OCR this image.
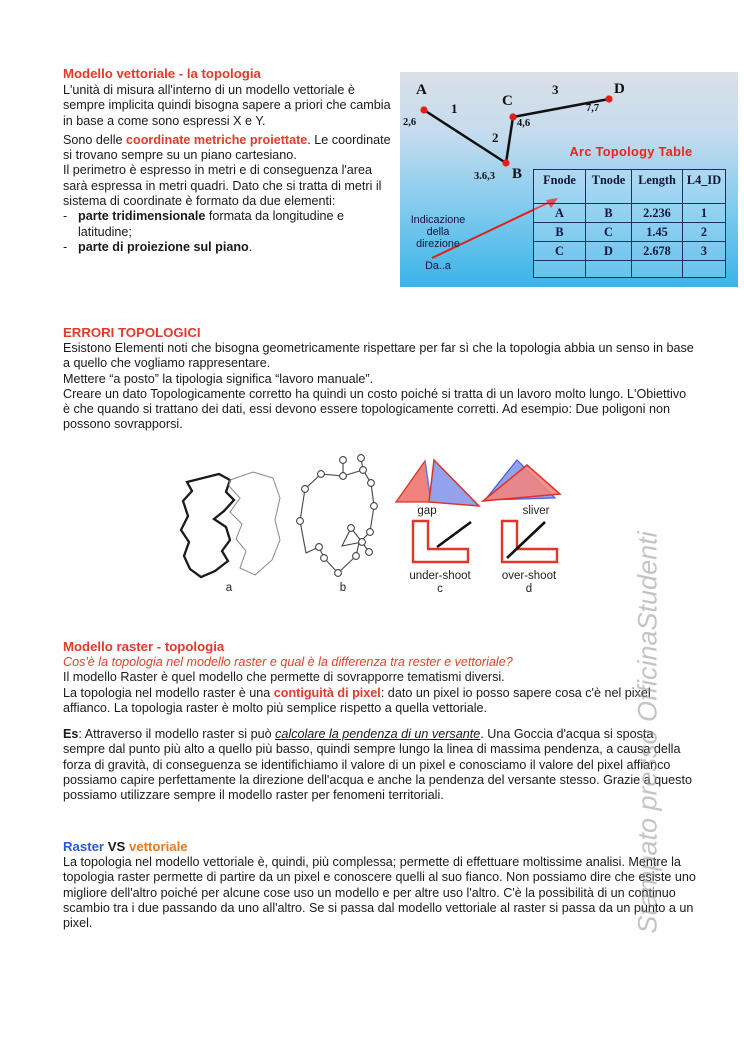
Modello vettoriale - la topologia
L'unità di misura all'interno di un modello vettoriale è sempre implicita quindi bisogna sapere a priori che cambia in base a come sono espressi X e Y.
Sono delle coordinate metriche proiettate. Le coordinate si trovano sempre su un piano cartesiano.
Il perimetro è espresso in metri e di conseguenza l'area sarà espressa in metri quadri. Dato che si tratta di metri il sistema di coordinate è formato da due elementi:
- parte tridimensionale formata da longitudine e latitudine;
- parte di proiezione sul piano.
A
2,6
1	C
4,6
2
B
3.6,3
3	D
7,7
Arc Topology Table
Fnode	Tnode	Length	L4_ID
A	B	2.236	1
B	C	1.45	2
C	D	2.678	3

Indicazione
della
direzione
Da..a
ERRORI TOPOLOGICI
Esistono Elementi noti che bisogna geometricamente rispettare per far sì che la topologia abbia un senso in base a quello che vogliamo rappresentare.
Mettere “a posto” la tipologia significa “lavoro manuale”.
Creare un dato Topologicamente corretto ha quindi un costo poiché si tratta di un lavoro molto lungo. L'Obiettivo è che quando si trattano dei dati, essi devono essere topologicamente corretti. Ad esempio: Due poligoni non possono sovrapporsi.
a	b
gap	sliver
under-shoot
c
over-shoot
d
Modello raster - topologia
Cos'è la topologia nel modello raster e qual è la differenza tra rester e vettoriale?
Il modello Raster è quel modello che permette di sovrapporre tematismi diversi.
La topologia nel modello raster è una contiguità di pixel: dato un pixel io posso sapere cosa c'è nel pixel affianco. La topologia raster è molto più semplice rispetto a quella vettoriale.
Es: Attraverso il modello raster si può calcolare la pendenza di un versante. Una Goccia d'acqua si sposta sempre dal punto più alto a quello più basso, quindi sempre lungo la linea di massima pendenza, a causa della forza di gravità, di conseguenza se identifichiamo il valore di un pixel e conosciamo il valore del pixel affianco possiamo capire perfettamente la direzione dell'acqua e anche la pendenza del versante stesso. Grazie a questo possiamo utilizzare sempre il modello raster per fenomeni territoriali.
Raster VS vettoriale
La topologia nel modello vettoriale è, quindi, più complessa; permette di effettuare moltissime analisi. Mentre la topologia raster permette di partire da un pixel e conoscere quelli al suo fianco. Non possiamo dire che esiste uno migliore dell'altro poiché per alcune cose uso un modello e per altre uso l'altro. C'è la possibilità di un continuo scambio tra i due passando da uno all'altro. Se si passa dal modello vettoriale al raster si passa da un punto a un pixel.	Stampato presso OfficinaStudenti
